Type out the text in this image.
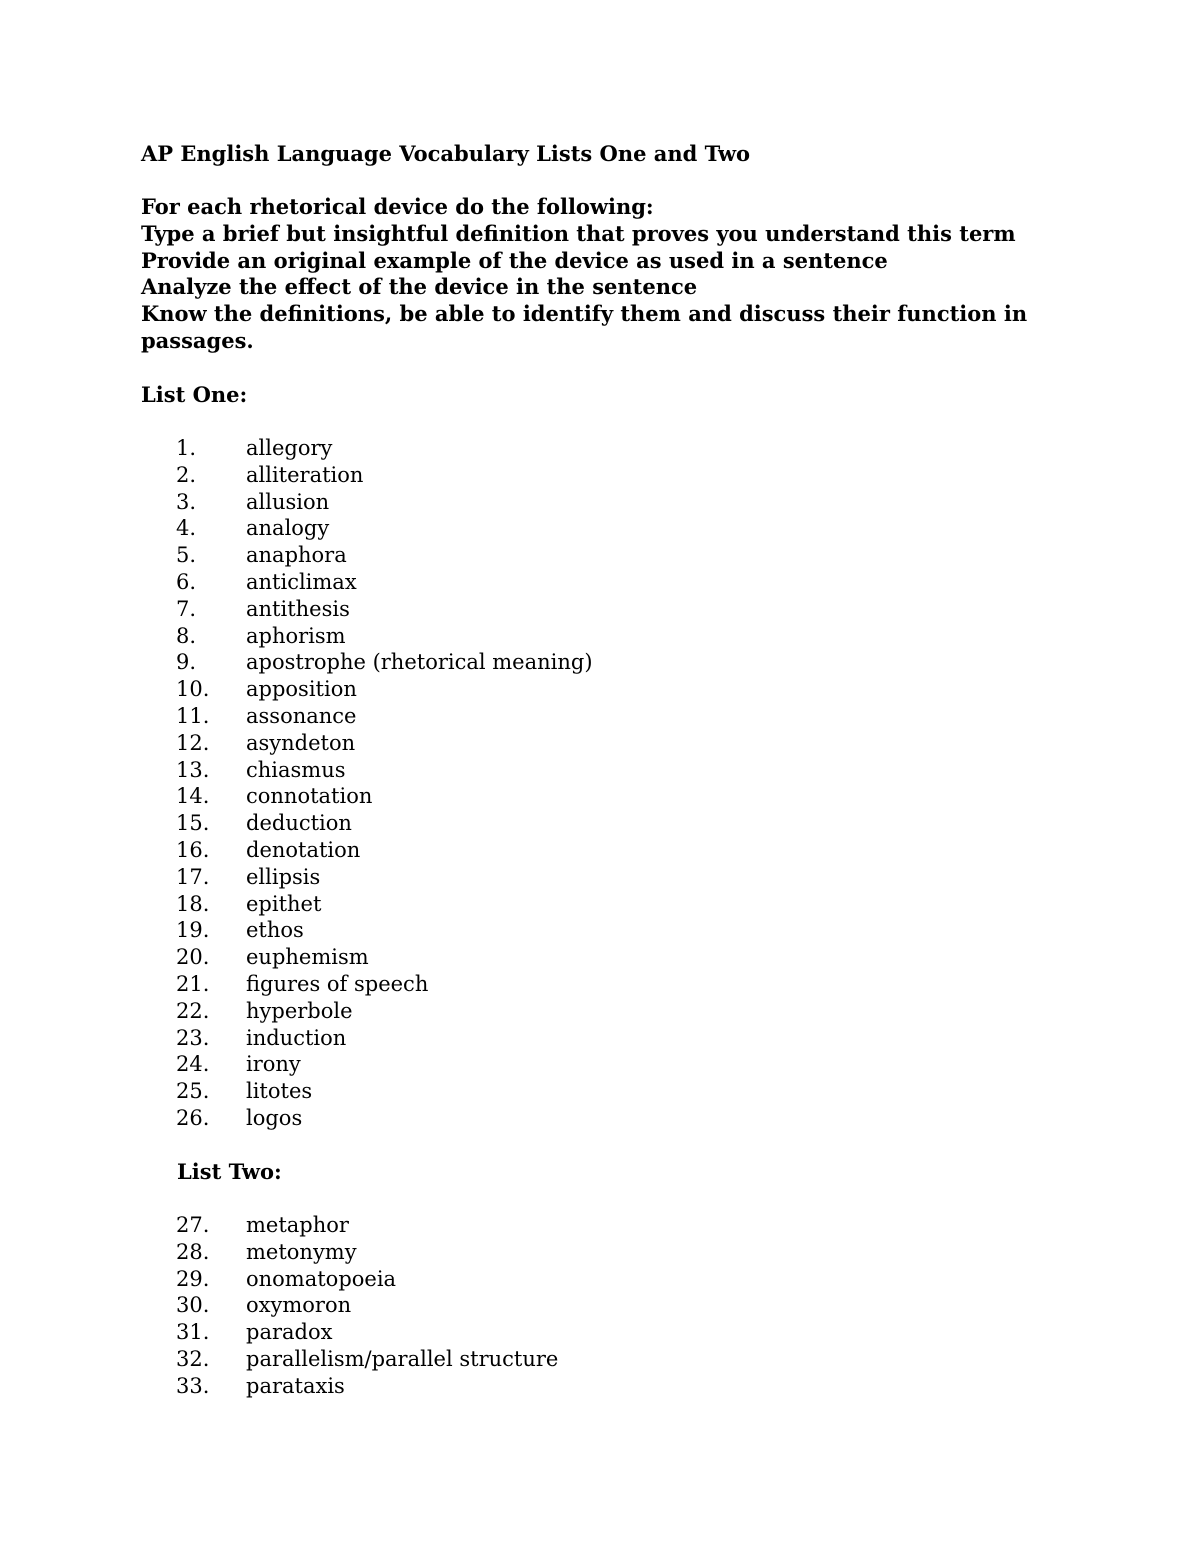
AP English Language Vocabulary Lists One and Two
For each rhetorical device do the following:
Type a brief but insightful definition that proves you understand this term
Provide an original example of the device as used in a sentence
Analyze the effect of the device in the sentence
Know the definitions, be able to identify them and discuss their function in passages.
List One:
1.	allegory
2.	alliteration
3.	allusion
4.	analogy
5.	anaphora
6.	anticlimax
7.	antithesis
8.	aphorism
9.	apostrophe (rhetorical meaning)
10.	apposition
11.	assonance
12.	asyndeton
13.	chiasmus
14.	connotation
15.	deduction
16.	denotation
17.	ellipsis
18.	epithet
19.	ethos
20.	euphemism
21.	figures of speech
22.	hyperbole
23.	induction
24.	irony
25.	litotes
26.	logos
List Two:
27.	metaphor
28.	metonymy
29.	onomatopoeia
30.	oxymoron
31.	paradox
32.	parallelism/parallel structure
33.	parataxis
